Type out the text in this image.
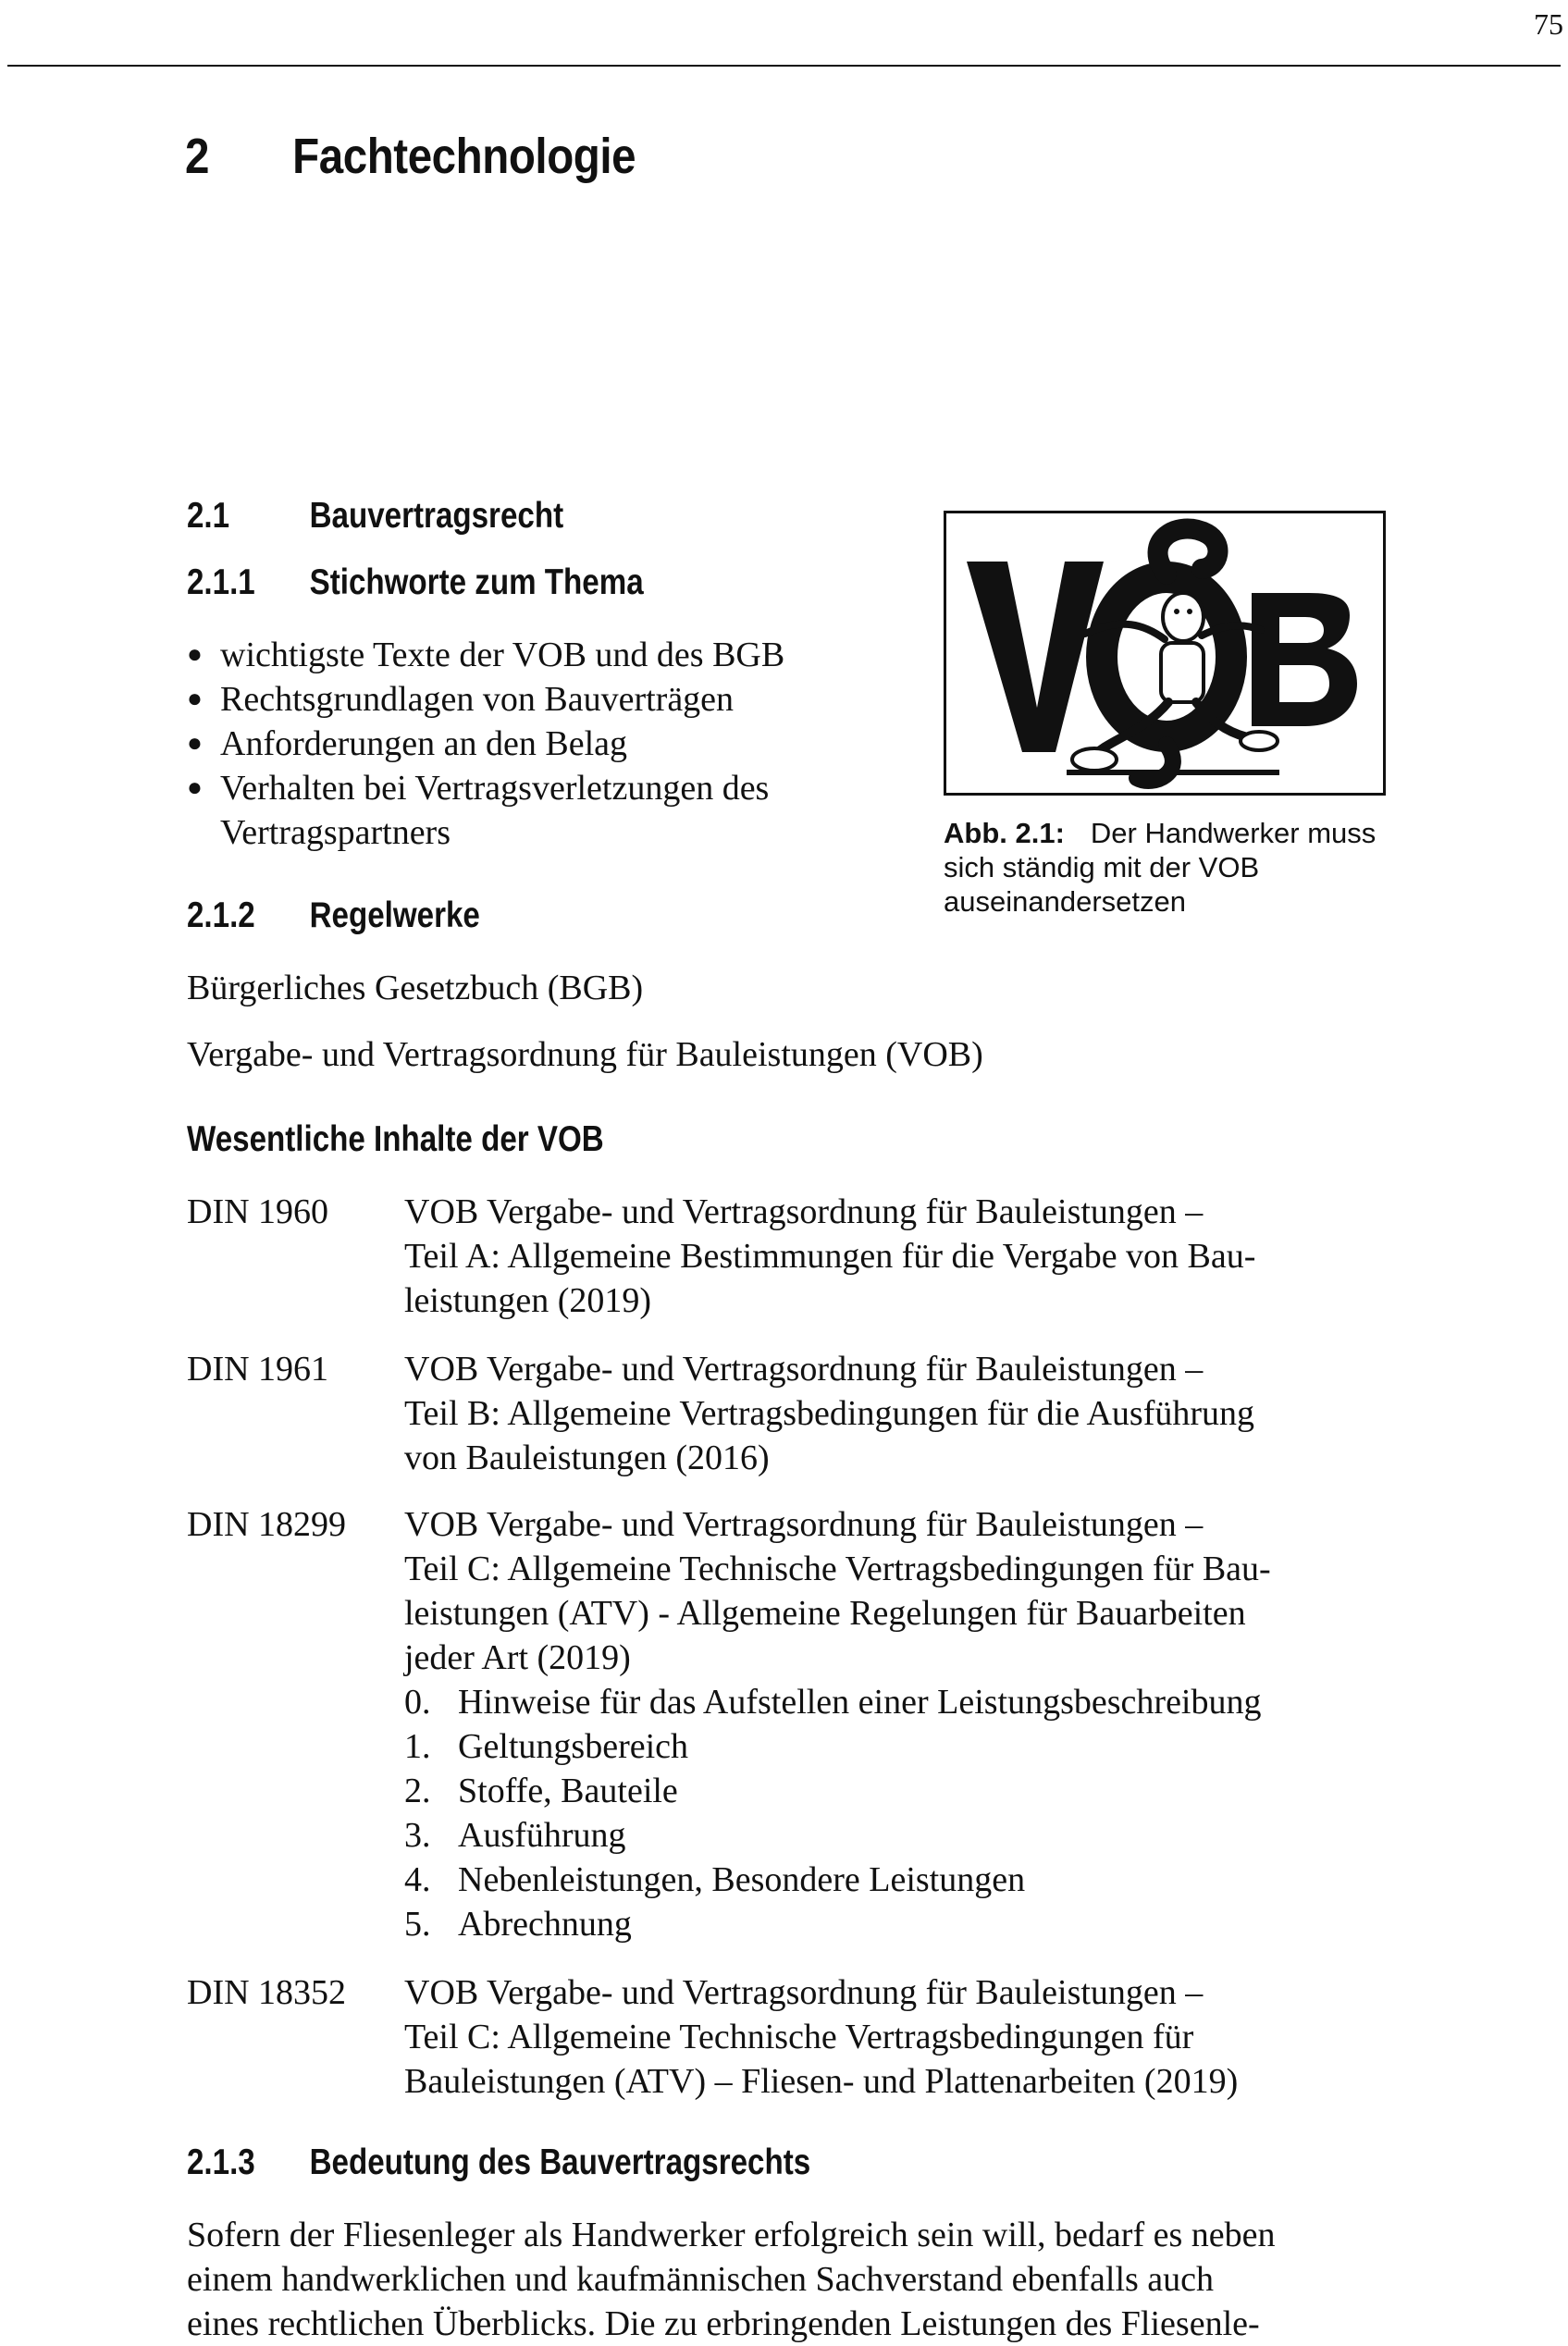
75
2 Fachtechnologie
2.1 Bauvertragsrecht
2.1.1 Stichworte zum Thema
● wichtigste Texte der VOB und des BGB
● Rechtsgrundlagen von Bauverträgen
● Anforderungen an den Belag
● Verhalten bei Vertragsverletzungen des Vertragspartners	Abb. 2.1: Der Handwerker muss sich ständig mit der VOB auseinandersetzen
2.1.2 Regelwerke
Bürgerliches Gesetzbuch (BGB)
Vergabe- und Vertragsordnung für Bauleistungen (VOB)
Wesentliche Inhalte der VOB
DIN 1960 VOB Vergabe- und Vertragsordnung für Bauleistungen –
Teil A: Allgemeine Bestimmungen für die Vergabe von Bau-
leistungen (2019)
DIN 1961 VOB Vergabe- und Vertragsordnung für Bauleistungen –
Teil B: Allgemeine Vertragsbedingungen für die Ausführung
von Bauleistungen (2016)
DIN 18299 VOB Vergabe- und Vertragsordnung für Bauleistungen –
Teil C: Allgemeine Technische Vertragsbedingungen für Bau-
leistungen (ATV) - Allgemeine Regelungen für Bauarbeiten
jeder Art (2019)
0. Hinweise für das Aufstellen einer Leistungsbeschreibung
1. Geltungsbereich
2. Stoffe, Bauteile
3. Ausführung
4. Nebenleistungen, Besondere Leistungen
5. Abrechnung
DIN 18352 VOB Vergabe- und Vertragsordnung für Bauleistungen –
Teil C: Allgemeine Technische Vertragsbedingungen für
Bauleistungen (ATV) – Fliesen- und Plattenarbeiten (2019)
2.1.3 Bedeutung des Bauvertragsrechts
Sofern der Fliesenleger als Handwerker erfolgreich sein will, bedarf es neben
einem handwerklichen und kaufmännischen Sachverstand ebenfalls auch
eines rechtlichen Überblicks. Die zu erbringenden Leistungen des Fliesenle-
